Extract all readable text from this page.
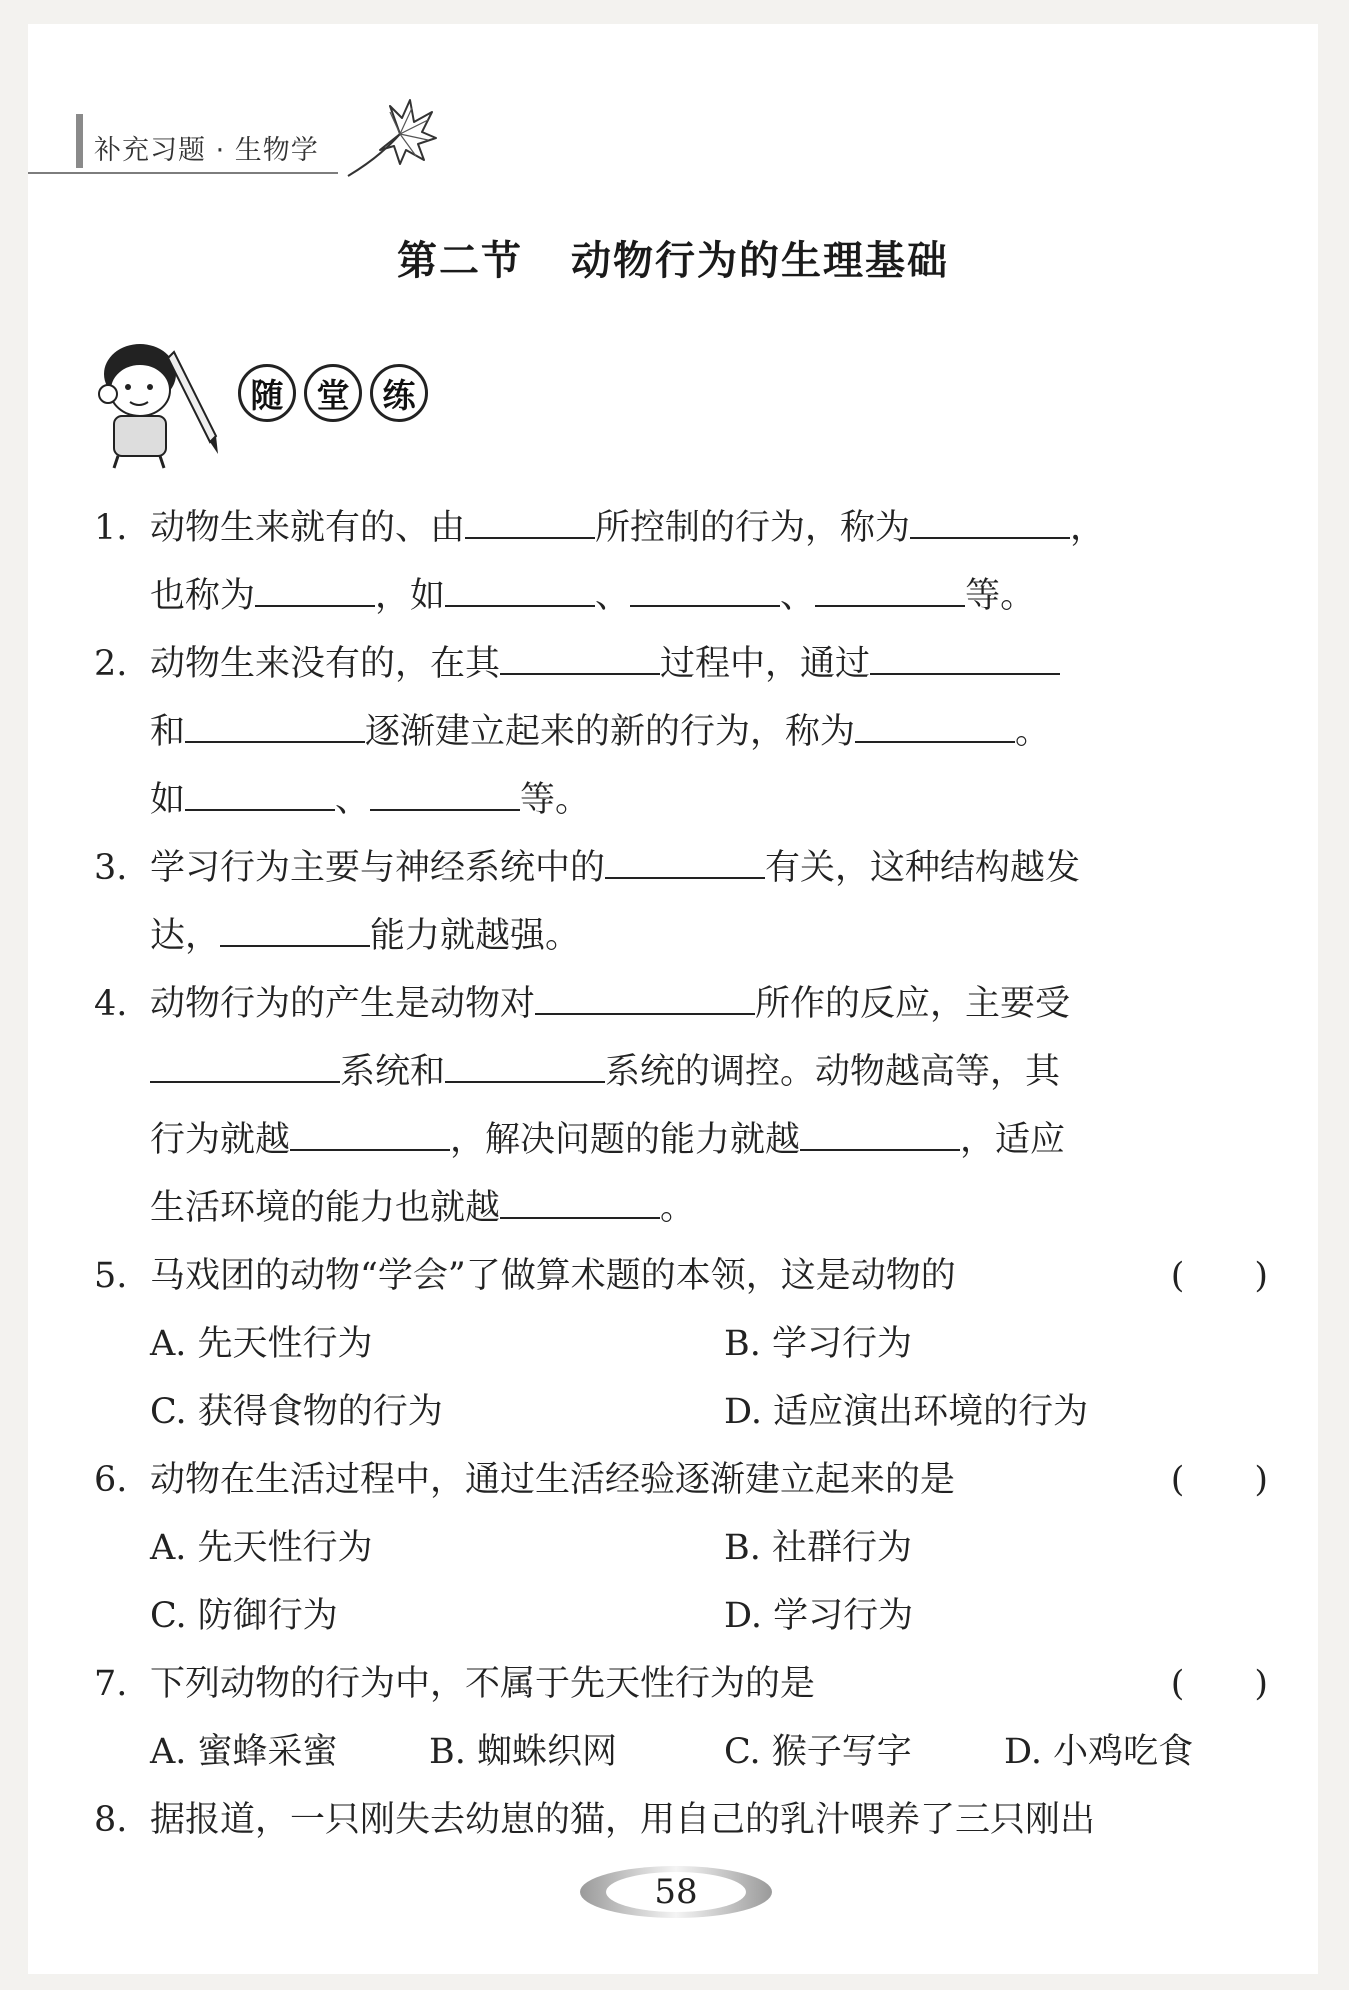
补充习题 · 生物学
第二节 动物行为的生理基础
随	堂	练
1. 动物生来就有的、由	所控制的行为，称为	，
也称为	，如	、	、	等。
2. 动物生来没有的，在其	过程中，通过
和	逐渐建立起来的新的行为，称为	。
如	、	等。
3. 学习行为主要与神经系统中的	有关，这种结构越发
达，	能力就越强。
4. 动物行为的产生是动物对	所作的反应，主要受
系统和	系统的调控。动物越高等，其
行为就越	，解决问题的能力就越	，适应
生活环境的能力也就越	。
5. 马戏团的动物“学会”了做算术题的本领，这是动物的	(　　)
A. 先天性行为	B. 学习行为
C. 获得食物的行为	D. 适应演出环境的行为
6. 动物在生活过程中，通过生活经验逐渐建立起来的是	(　　)
A. 先天性行为	B. 社群行为
C. 防御行为	D. 学习行为
7. 下列动物的行为中，不属于先天性行为的是	(　　)
A. 蜜蜂采蜜	B. 蜘蛛织网	C. 猴子写字	D. 小鸡吃食
8. 据报道，一只刚失去幼崽的猫，用自己的乳汁喂养了三只刚出
58
